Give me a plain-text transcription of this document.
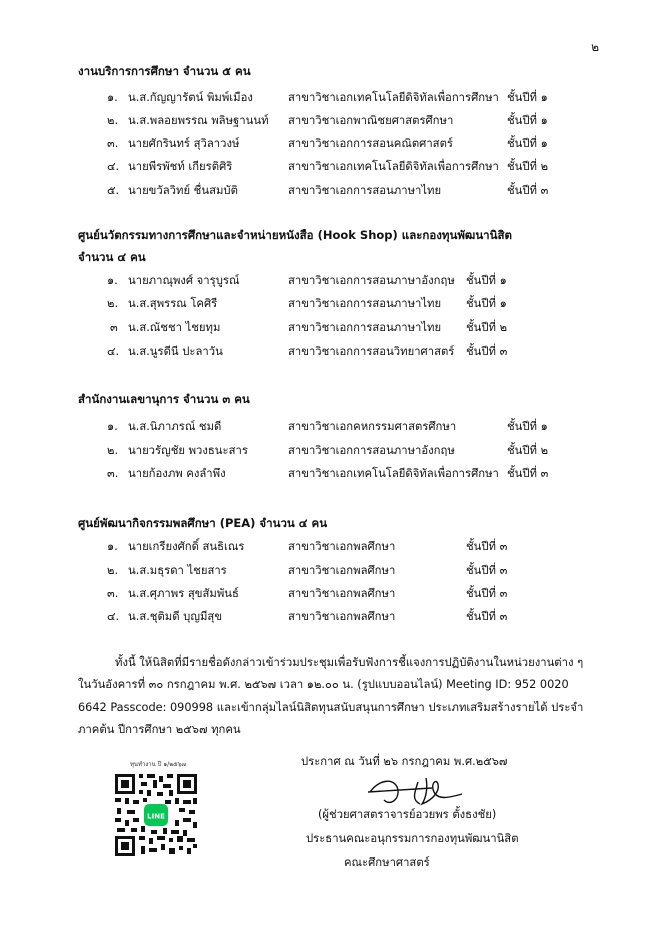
๒
งานบริการการศึกษา จำนวน ๕ คน
๑. น.ส.กัญญารัตน์ พิมพ์เมือง	สาขาวิชาเอกเทคโนโลยีดิจิทัลเพื่อการศึกษา ชั้นปีที่ ๑
๒. น.ส.พลอยพรรณ พลิษฐานนท์ สาขาวิชาเอกพาณิชยศาสตรศึกษา	ชั้นปีที่ ๑
๓. นายศักรินทร์ สุวิลาวงษ์	สาขาวิชาเอกการสอนคณิตศาสตร์	ชั้นปีที่ ๑
๔. นายพีรพัชท์ เกียรติศิริ	สาขาวิชาเอกเทคโนโลยีดิจิทัลเพื่อการศึกษา ชั้นปีที่ ๒
๕. นายขวัลวิทย์ ชื่นสมบัติ	สาขาวิชาเอกการสอนภาษาไทย	ชั้นปีที่ ๓
ศูนย์นวัตกรรมทางการศึกษาและจำหน่ายหนังสือ (Hook Shop) และกองทุนพัฒนานิสิต
จำนวน ๔ คน
๑. นายภาณุพงศ์ จารุบูรณ์	สาขาวิชาเอกการสอนภาษาอังกฤษ ชั้นปีที่ ๑
๒. น.ส.สุพรรณ โคศิรี	สาขาวิชาเอกการสอนภาษาไทย ชั้นปีที่ ๑
๓ น.ส.ณัชชา ไชยทุม	สาขาวิชาเอกการสอนภาษาไทย ชั้นปีที่ ๒
๔. น.ส.นูรดีนี ปะลาวัน	สาขาวิชาเอกการสอนวิทยาศาสตร์ ชั้นปีที่ ๓
สำนักงานเลขานุการ จำนวน ๓ คน
๑. น.ส.นิภาภรณ์ ชมดี	สาขาวิชาเอกคหกรรมศาสตรศึกษา	ชั้นปีที่ ๑
๒. นายวรัญชัย พวงธนะสาร	สาขาวิชาเอกการสอนภาษาอังกฤษ	ชั้นปีที่ ๒
๓. นายก้องภพ คงลำพึง	สาขาวิชาเอกเทคโนโลยีดิจิทัลเพื่อการศึกษา ชั้นปีที่ ๓
ศูนย์พัฒนากิจกรรมพลศึกษา (PEA) จำนวน ๔ คน
๑. นายเกรียงศักดิ์ สนธิเณร	สาขาวิชาเอกพลศึกษา	ชั้นปีที่ ๓
๒. น.ส.มธุรดา ไชยสาร	สาขาวิชาเอกพลศึกษา	ชั้นปีที่ ๓
๓. น.ส.ศุภาพร สุขสัมพันธ์	สาขาวิชาเอกพลศึกษา	ชั้นปีที่ ๓
๔. น.ส.ชุติมดี บุญมีสุข	สาขาวิชาเอกพลศึกษา	ชั้นปีที่ ๓
ทั้งนี้ ให้นิสิตที่มีรายชื่อดังกล่าวเข้าร่วมประชุมเพื่อรับฟังการชี้แจงการปฏิบัติงานในหน่วยงานต่าง ๆ
ในวันอังคารที่ ๓๐ กรกฎาคม พ.ศ. ๒๕๖๗ เวลา ๑๒.๐๐ น. (รูปแบบออนไลน์) Meeting ID: 952 0020
6642 Passcode: 090998 และเข้ากลุ่มไลน์นิสิตทุนสนับสนุนการศึกษา ประเภทเสริมสร้างรายได้ ประจำ
ภาคต้น ปีการศึกษา ๒๕๖๗ ทุกคน
ประกาศ ณ วันที่ ๒๖ กรกฎาคม พ.ศ.๒๕๖๗
(ผู้ช่วยศาสตราจารย์อวยพร ตั้งธงชัย)
ประธานคณะอนุกรรมการกองทุนพัฒนานิสิต
คณะศึกษาศาสตร์
ทุนทำงาน ปี ๑/๒๕๖๗
LINE
